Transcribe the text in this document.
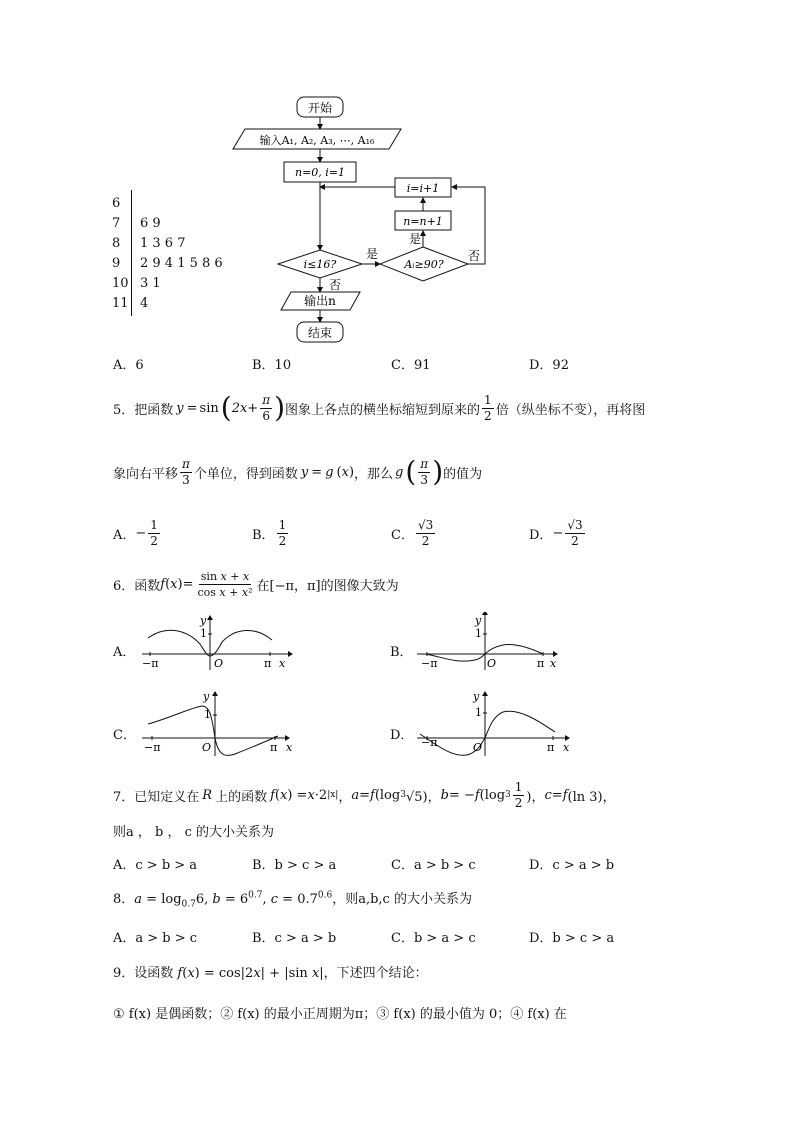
开始
输入A₁, A₂, A₃, ⋯, A₁₆
n=0, i=1
i=i+1
n=n+1
i≤16?
是
Aᵢ≥90?
是
否
否
输出n
结束
6
7 6 9
8 1 3 6 7
9 2 9 4 1 5 8 6
10 3 1
11 4
A．6	B．10	C．91	D．92
5．把函数 y = sin ( $2x + \frac{\pi}{6}$ ) 图象上各点的横坐标缩短到原来的 $\frac{1}{2}$ 倍（纵坐标不变），再将图
象向右平移 $\frac{\pi}{3}$ 个单位，得到函数 y = g ( x ) ，那么 g ( $\frac{\pi}{3}$ ) 的值为
A． − $\frac{1}{2}$	B． $\frac{1}{2}$	C． $\frac{√3}{2}$	D． − $\frac{√3}{2}$
6．函数 f ( x )= $\frac{\text{sin x + x}}{\text{cos x + x²}}$ 在[−π，π]的图像大致为
A．	B．
C．	D．
y
1
O
−π	π x
y
1
O
−π	π x
y
1
O
−π	π x
y
1
O
−π	π x
7．已知定义在 R 上的函数 f ( x ) = x ·2 |x| ， a = f (log 3 √5)， b = − f (log $3 \frac{1}{2}$ )， c = f (ln 3)，
则a ， b ， c 的大小关系为
A．c > b > a	B．b > c > a	C．a > b > c	D．c > a > b
8．$a = \log_{0.7}6$, $b = 6^{0.7}$, $c = 0.7^{0.6}$，则a,b,c 的大小关系为
A．a > b > c	B．c > a > b	C．b > a > c	D．b > c > a
9．设函数 f(x) = cos|2x| + |sin x|，下述四个结论：
① f(x) 是偶函数；② f(x) 的最小正周期为π；③ f(x) 的最小值为 0；④ f(x) 在
